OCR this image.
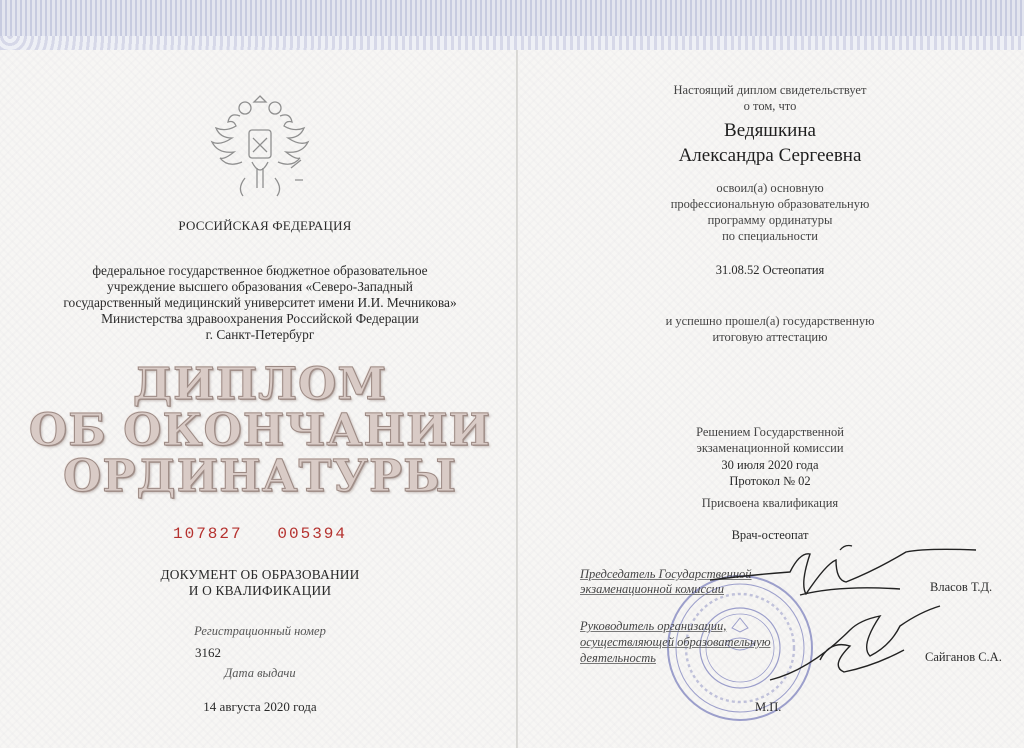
РОССИЙСКАЯ ФЕДЕРАЦИЯ
федеральное государственное бюджетное образовательное
учреждение высшего образования «Северо-Западный
государственный медицинский университет имени И.И. Мечникова»
Министерства здравоохранения Российской Федерации
г. Санкт-Петербург
ДИПЛОМ
ОБ ОКОНЧАНИИ
ОРДИНАТУРЫ
107827   005394
ДОКУМЕНТ ОБ ОБРАЗОВАНИИ
И О КВАЛИФИКАЦИИ
Регистрационный номер
3162
Дата выдачи
14 августа 2020 года
Настоящий диплом свидетельствует
о том, что
Ведяшкина
Александра Сергеевна
освоил(а) основную
профессиональную образовательную
программу ординатуры
по специальности
31.08.52 Остеопатия
и успешно прошел(а) государственную
итоговую аттестацию
Решением Государственной
экзаменационной комиссии
30 июля 2020 года
Протокол № 02
Присвоена квалификация
Врач-остеопат
Председатель Государственной
экзаменационной комиссии	Власов Т.Д.
Руководитель организации,
осуществляющей образовательную
деятельность	Сайганов С.А.
М.П.
